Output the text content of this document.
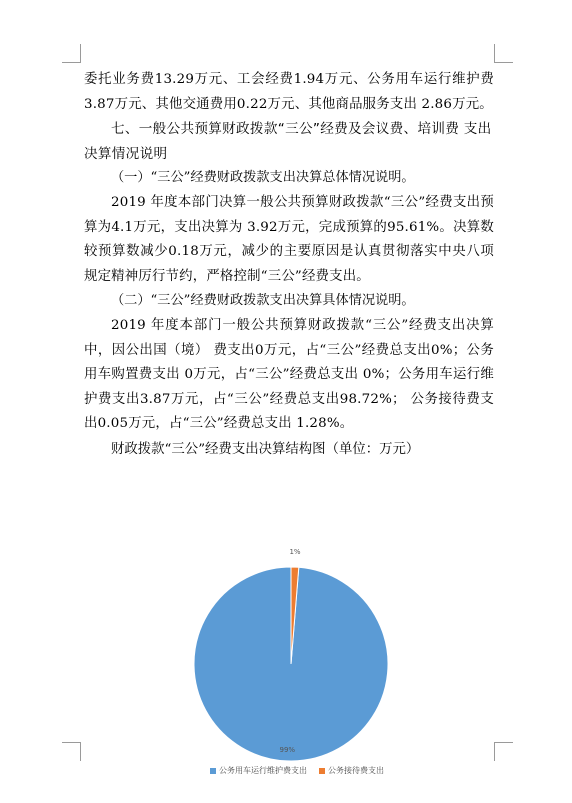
委托业务费13.29万元、工会经费1.94万元、公务用车运行维护费3.87万元、其他交通费用0.22万元、其他商品服务支出 2.86万元。

七、一般公共预算财政拨款“三公”经费及会议费、培训费 支出决算情况说明

（一）“三公”经费财政拨款支出决算总体情况说明。

2019 年度本部门决算一般公共预算财政拨款“三公”经费支出预算为4.1万元，支出决算为 3.92万元，完成预算的95.61%。决算数较预算数减少0.18万元，减少的主要原因是认真贯彻落实中央八项规定精神厉行节约，严格控制“三公”经费支出。

（二）“三公”经费财政拨款支出决算具体情况说明。

2019 年度本部门一般公共预算财政拨款“三公”经费支出决算中，因公出国（境） 费支出0万元，占“三公”经费总支出0%；公务用车购置费支出 0万元，占“三公”经费总支出 0%；公务用车运行维护费支出3.87万元，占“三公”经费总支出98.72%； 公务接待费支出0.05万元，占“三公”经费总支出 1.28%。

财政拨款“三公”经费支出决算结构图（单位：万元）

公务用车运行维护费支出	公务接待费支出
99%
1%
